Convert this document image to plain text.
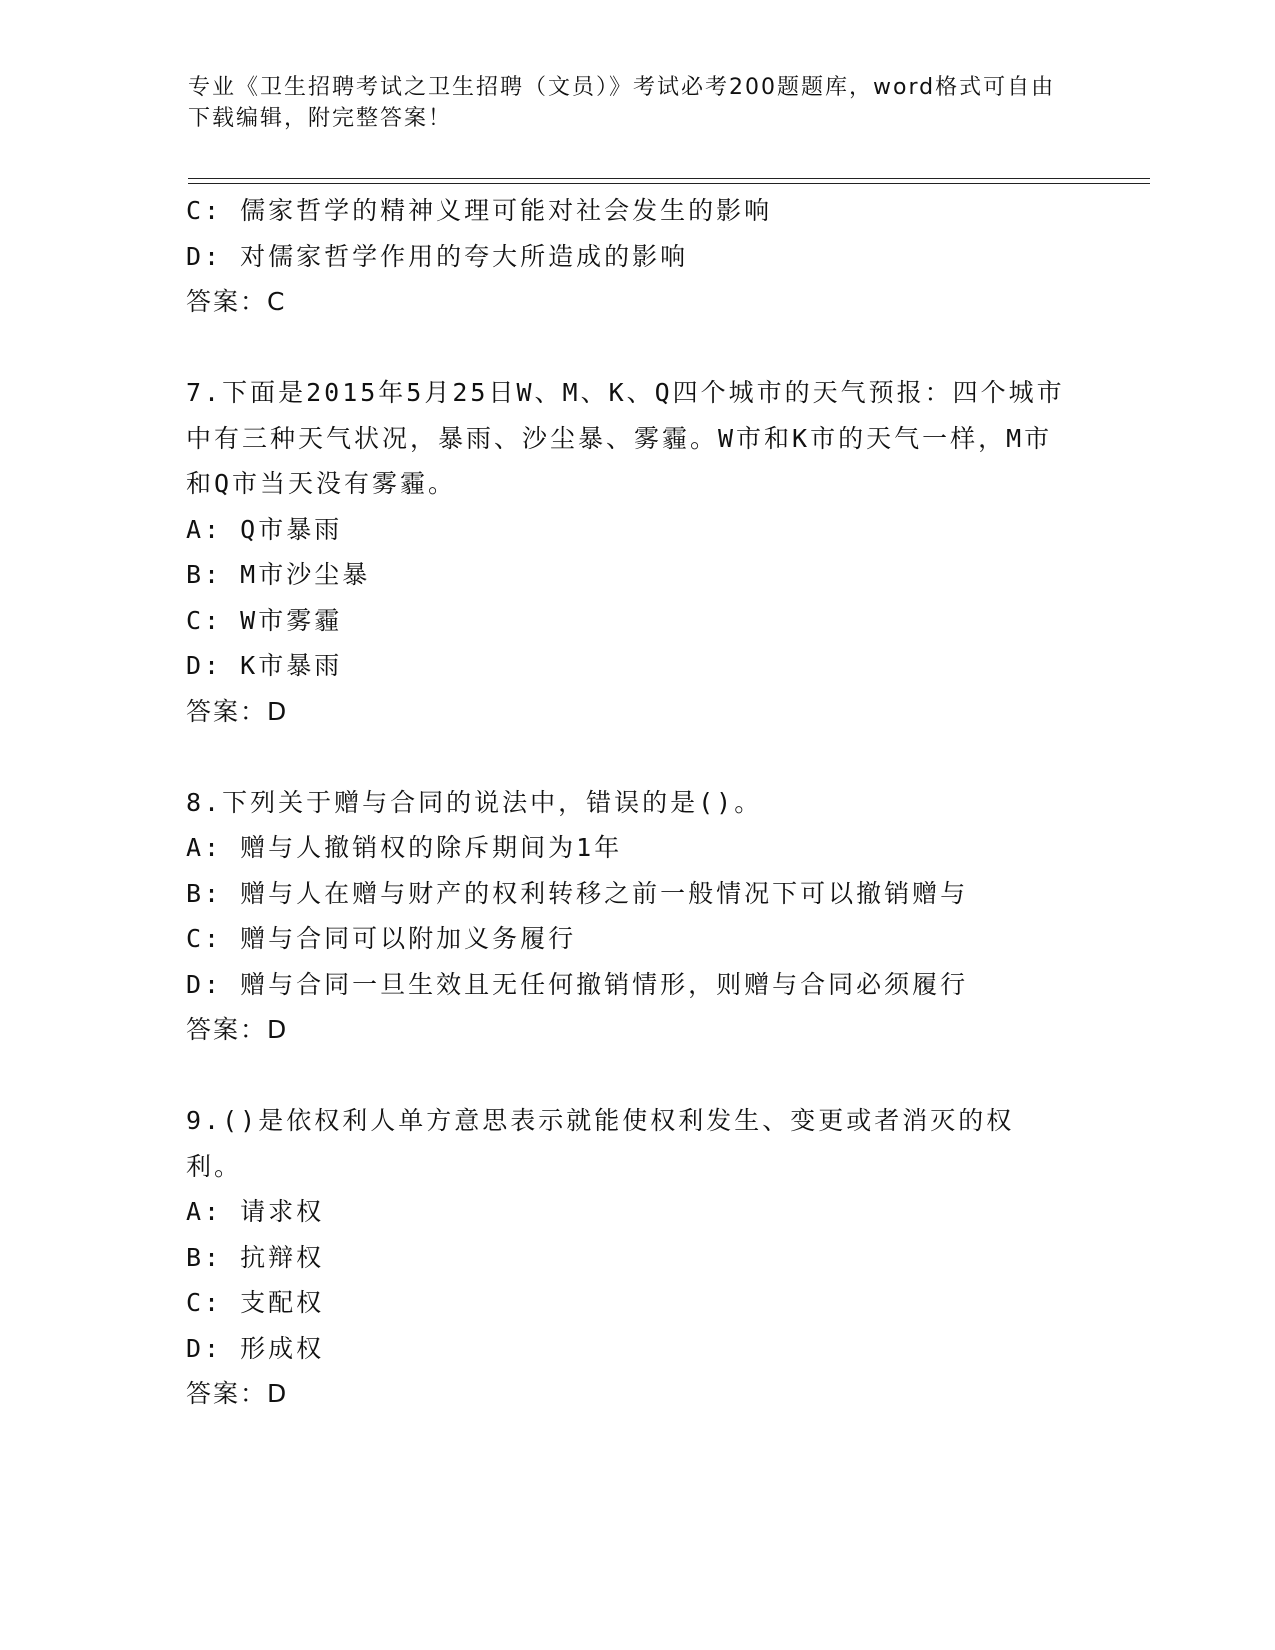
专业《卫生招聘考试之卫生招聘（文员）》考试必考200题题库，word格式可自由下载编辑，附完整答案！
C: 儒家哲学的精神义理可能对社会发生的影响
D: 对儒家哲学作用的夸大所造成的影响
答案：C
7.下面是2015年5月25日W、M、K、Q四个城市的天气预报：四个城市中有三种天气状况，暴雨、沙尘暴、雾霾。W市和K市的天气一样，M市和Q市当天没有雾霾。
A: Q市暴雨
B: M市沙尘暴
C: W市雾霾
D: K市暴雨
答案：D
8.下列关于赠与合同的说法中，错误的是()。
A: 赠与人撤销权的除斥期间为1年
B: 赠与人在赠与财产的权利转移之前一般情况下可以撤销赠与
C: 赠与合同可以附加义务履行
D: 赠与合同一旦生效且无任何撤销情形，则赠与合同必须履行
答案：D
9.()是依权利人单方意思表示就能使权利发生、变更或者消灭的权利。
A: 请求权
B: 抗辩权
C: 支配权
D: 形成权
答案：D
